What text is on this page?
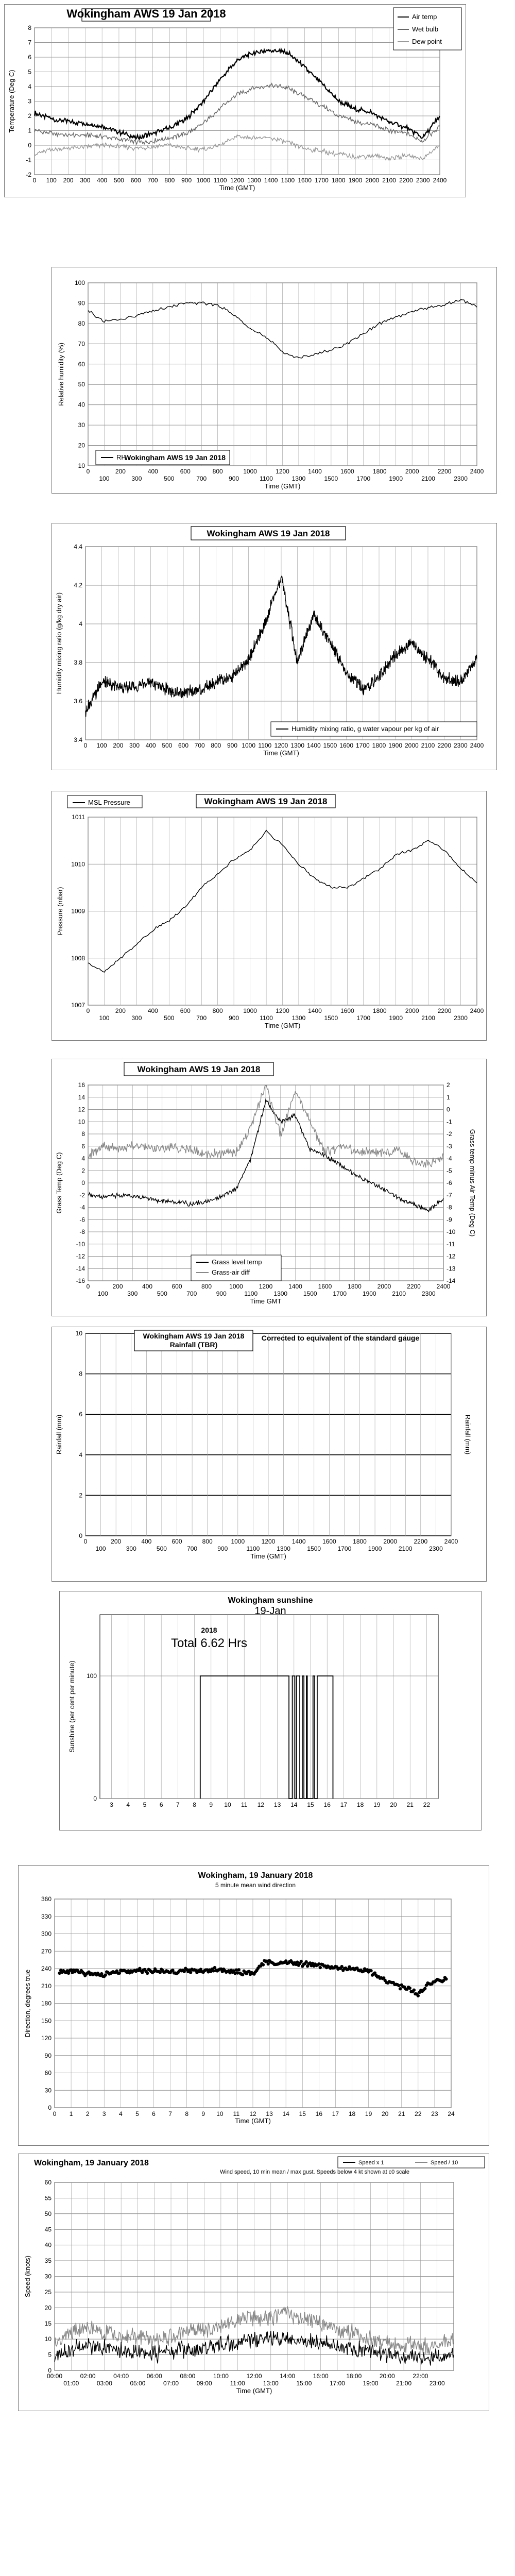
-2
-1
0
1
2
3
4
5
6
7
8
0 100 200 300 400 500 600 700 800 900 1000 1100 1200 1300 1400 1500 1600 1700 1800 1900 2000 2100 2200 2300 2400
Time (GMT)
Temperature (Deg C)
Wokingham AWS 19 Jan 2018	Air temp
Wet bulb
Dew point
10
20
30
40
50
60
70
80
90
100
0	200	400	600	800	1000	1200	1400	1600	1800	2000	2200	2400
100	300	500	700	900	1100	1300	1500	1700	1900	2100	2300
Time (GMT)
Relative humidity (%)
RH
Wokingham AWS 19 Jan 2018
3.4
3.6
3.8
4
4.2
4.4
0 100 200 300 400 500 600 700 800 900 1000 1100 1200 1300 1400 1500 1600 1700 1800 1900 2000 2100 2200 2300 2400
Time (GMT)
Humidity mixing ratio (g/kg dry air)
Wokingham AWS 19 Jan 2018
Humidity mixing ratio, g water vapour per kg of air
1007
1008
1009
1010
1011
0	200	400	600	800	1000	1200	1400	1600	1800	2000	2200	2400
100	300	500	700	900	1100	1300	1500	1700	1900	2100	2300
Time (GMT)
Pressure (mbar)
Wokingham AWS 19 Jan 2018
MSL Pressure
-16
-14
-12
-10
-8
-6
-4
-2
0
2
4
6
8
10
12
14
16
-14
-13
-12
-11
-10
-9
-8
-7
-6
-5
-4
-3
-2
-1
0
1
2
0	200	400	600	800	1000	1200	1400	1600	1800	2000	2200	2400
100	300	500	700	900	1100	1300	1500	1700	1900	2100	2300
Time GMT
Grass Temp (Deg C)	Grass temp minus Air Temp (Deg C)
Wokingham AWS 19 Jan 2018
Grass level temp
Grass-air diff
0
2
4
6
8
10
0	200	400	600	800	1000	1200	1400	1600	1800	2000	2200	2400
100	300	500	700	900	1100	1300	1500	1700	1900	2100	2300
Time (GMT)
Rainfall (mm)	Rainfall (mm)
Wokingham AWS 19 Jan 2018
Rainfall (TBR)
Corrected to equivalent of the standard gauge
0
100
3 4 5 6 7 8 9 10 11 12 13 14 15 16 17 18 19 20 21 22
Sunshine (per cent per minute)
Wokingham sunshine
19-Jan
2018
Total 6.62 Hrs
0
30
60
90
120
150
180
210
240
270
300
330
360
0 1 2 3 4 5 6 7 8 9 10 11 12 13 14 15 16 17 18 19 20 21 22 23 24
Time (GMT)
Direction, degrees true
Wokingham, 19 January 2018
5 minute mean wind direction
0
5
10
15
20
25
30
35
40
45
50
55
60
00:00	02:00	04:00	06:00	08:00	10:00	12:00	14:00	16:00	18:00	20:00	22:00
01:00	03:00	05:00	07:00	09:00	11:00	13:00	15:00	17:00	19:00	21:00	23:00
Time (GMT)
Speed (knots)
Wokingham, 19 January 2018
Wind speed, 10 min mean / max gust. Speeds below 4 kt shown at c0 scale
Speed x 1	Speed / 10
